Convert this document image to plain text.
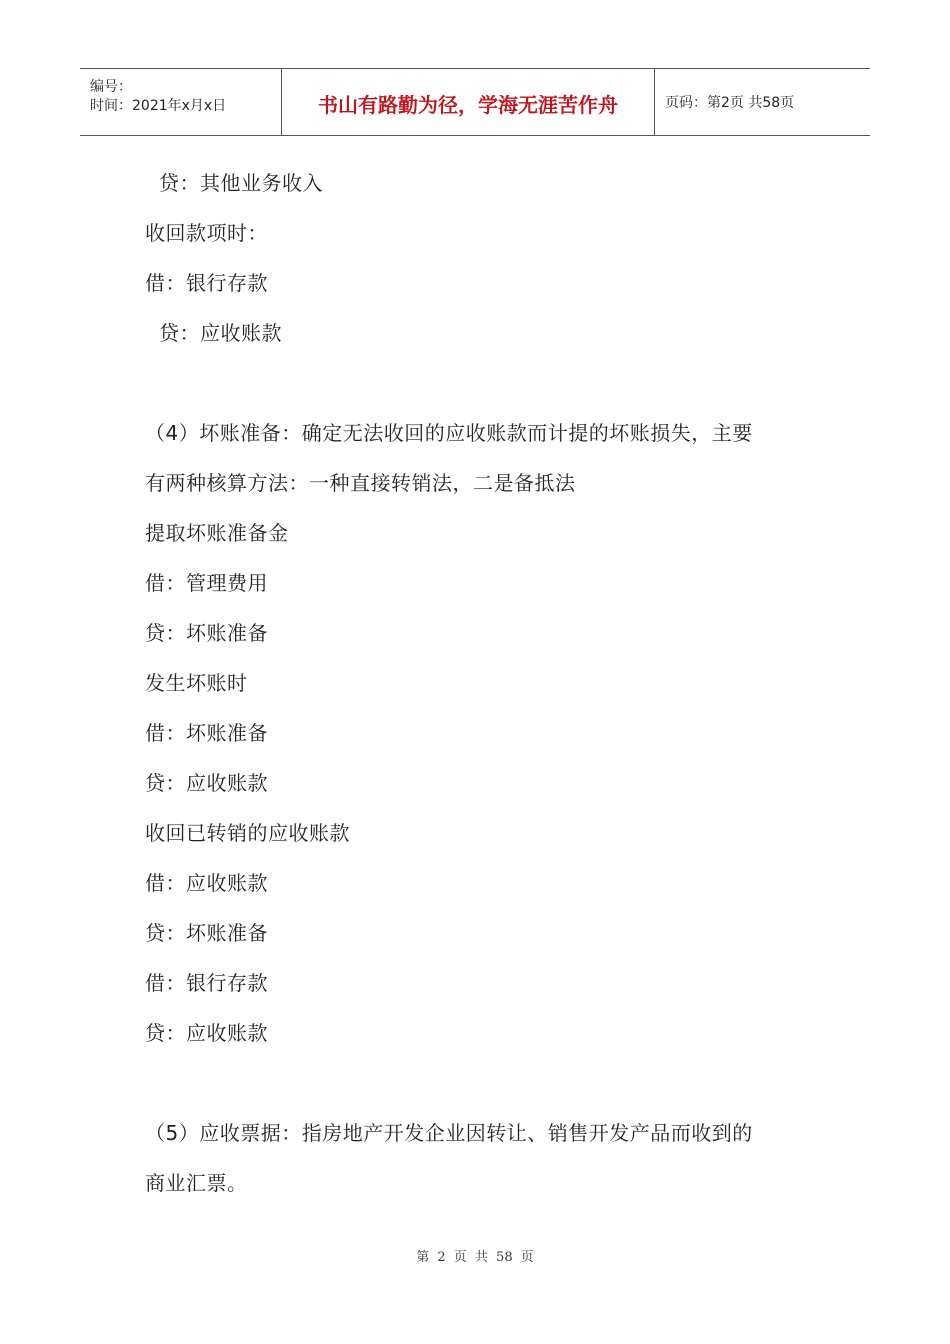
编号：
时间：2021年x月x日	书山有路勤为径，学海无涯苦作舟	页码：第2页 共58页
贷：其他业务收入
收回款项时：
借：银行存款
贷：应收账款
（4）坏账准备：确定无法收回的应收账款而计提的坏账损失，主要
有两种核算方法：一种直接转销法，二是备抵法
提取坏账准备金
借：管理费用
贷：坏账准备
发生坏账时
借：坏账准备
贷：应收账款
收回已转销的应收账款
借：应收账款
贷：坏账准备
借：银行存款
贷：应收账款
（5）应收票据：指房地产开发企业因转让、销售开发产品而收到的
商业汇票。
第 2 页 共 58 页
